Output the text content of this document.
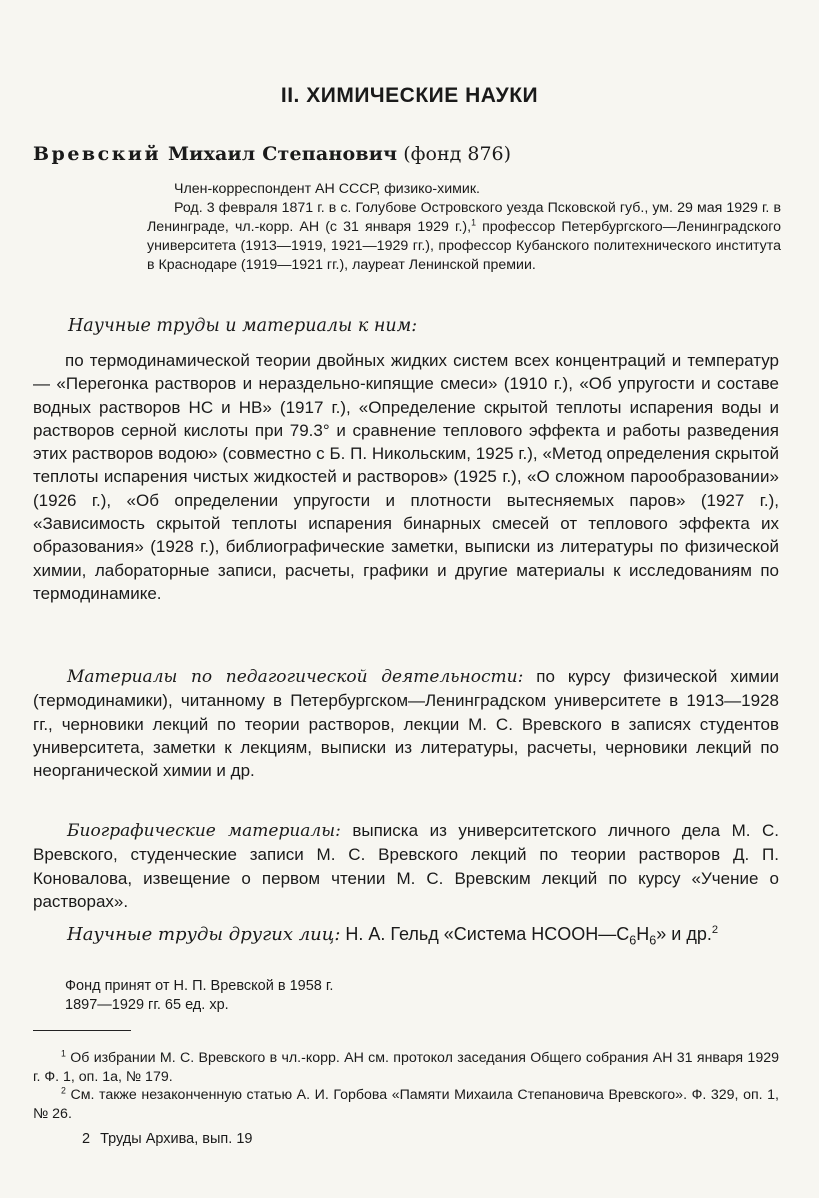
II. ХИМИЧЕСКИЕ НАУКИ
Вревский Михаил Степанович (фонд 876)

Член-корреспондент АН СССР, физико-химик.

Род. 3 февраля 1871 г. в с. Голубове Островского уезда Псковской губ., ум. 29 мая 1929 г. в Ленинграде, чл.-корр. АН (с 31 января 1929 г.),$^1$ профессор Петербургского—Ленинградского университета (1913—1919, 1921—1929 гг.), профессор Кубанского политехнического института в Краснодаре (1919—1921 гг.), лауреат Ленинской премии.

Научные труды и материалы к ним:

по термодинамической теории двойных жидких систем всех концентраций и температур — «Перегонка растворов и нераздельно-кипящие смеси» (1910 г.), «Об упругости и составе водных растворов HC и HB» (1917 г.), «Определение скрытой теплоты испарения воды и растворов серной кислоты при 79.3° и сравнение теплового эффекта и работы разведения этих растворов водою» (совместно с Б. П. Никольским, 1925 г.), «Метод определения скрытой теплоты испарения чистых жидкостей и растворов» (1925 г.), «О сложном парообразовании» (1926 г.), «Об определении упругости и плотности вытесняемых паров» (1927 г.), «Зависимость скрытой теплоты испарения бинарных смесей от теплового эффекта их образования» (1928 г.), библиографические заметки, выписки из литературы по физической химии, лабораторные записи, расчеты, графики и другие материалы к исследованиям по термодинамике.

Материалы по педагогической деятельности: по курсу физической химии (термодинамики), читанному в Петербургском—Ленинградском университете в 1913—1928 гг., черновики лекций по теории растворов, лекции М. С. Вревского в записях студентов университета, заметки к лекциям, выписки из литературы, расчеты, черновики лекций по неорганической химии и др.

Биографические материалы: выписка из университетского личного дела М. С. Вревского, студенческие записи М. С. Вревского лекций по теории растворов Д. П. Коновалова, извещение о первом чтении М. С. Вревским лекций по курсу «Учение о растворах».

Научные труды других лиц: Н. А. Гельд «Система $HCOOH—C_6H_6$» и др.$^2$

Фонд принят от Н. П. Вревской в 1958 г.
1897—1929 гг. 65 ед. хр.

$^1$ Об избрании М. С. Вревского в чл.-корр. АН см. протокол заседания Общего собрания АН 31 января 1929 г. Ф. 1, оп. 1а, № 179.

$^2$ См. также незаконченную статью А. И. Горбова «Памяти Михаила Степановича Вревского». Ф. 329, оп. 1, № 26.

2 Труды Архива, вып. 19
